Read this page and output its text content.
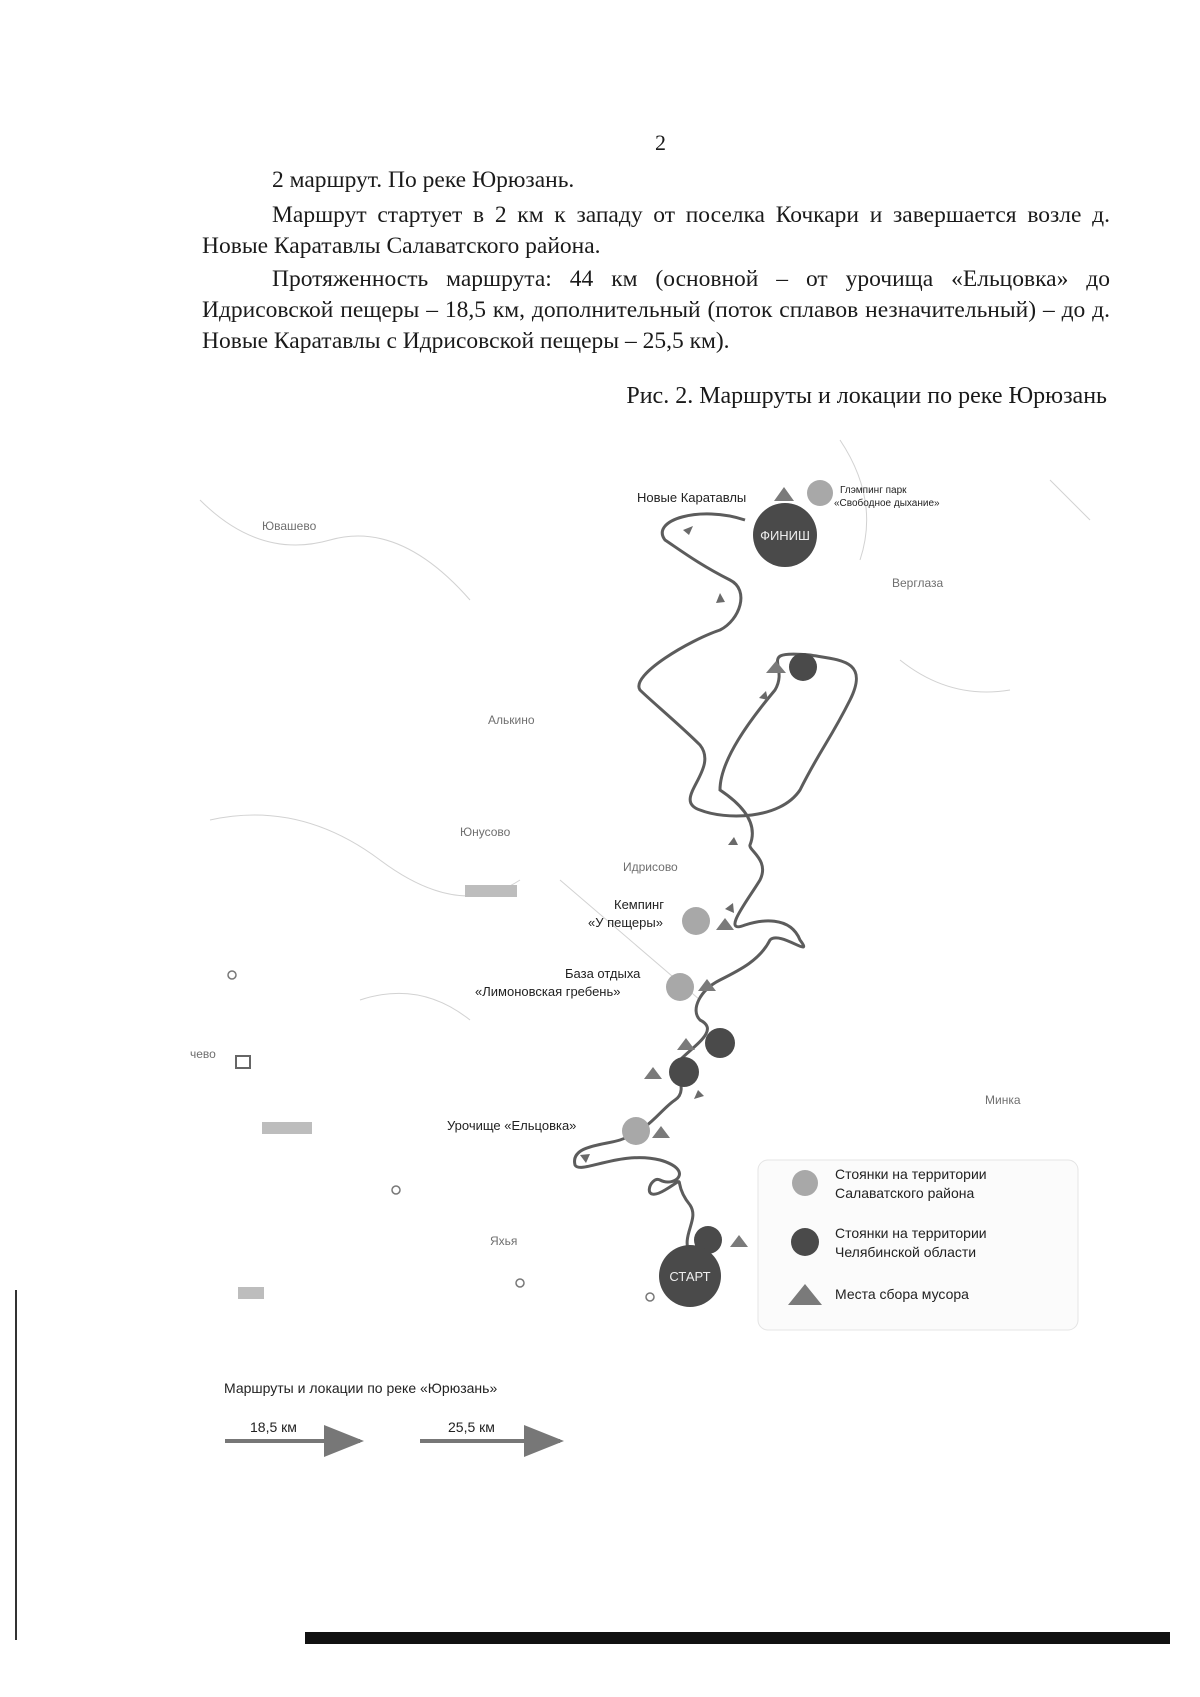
2

2 маршрут. По реке Юрюзань.

Маршрут стартует в 2 км к западу от поселка Кочкари и завершается возле д. Новые Каратавлы Салаватского района.

Протяженность маршрута: 44 км (основной – от урочища «Ельцовка» до Идрисовской пещеры – 18,5 км, дополнительный (поток сплавов незначительный) – до д. Новые Каратавлы с Идрисовской пещеры – 25,5 км).

Рис. 2. Маршруты и локации по реке Юрюзань
Ювашево
Верглаза
Алькино
Юнусово
Идрисово
Минка
Яхья
чево
Новые Каратавлы	Глэмпинг парк
«Свободное дыхание»
Кемпинг
«У пещеры»
База отдыха
«Лимоновская гребень»
Урочище «Ельцовка»
ФИНИШ
СТАРТ
Стоянки на территории
Салаватского района
Стоянки на территории
Челябинской области
Места сбора мусора
Маршруты и локации по реке «Юрюзань»
18,5 км	25,5 км
